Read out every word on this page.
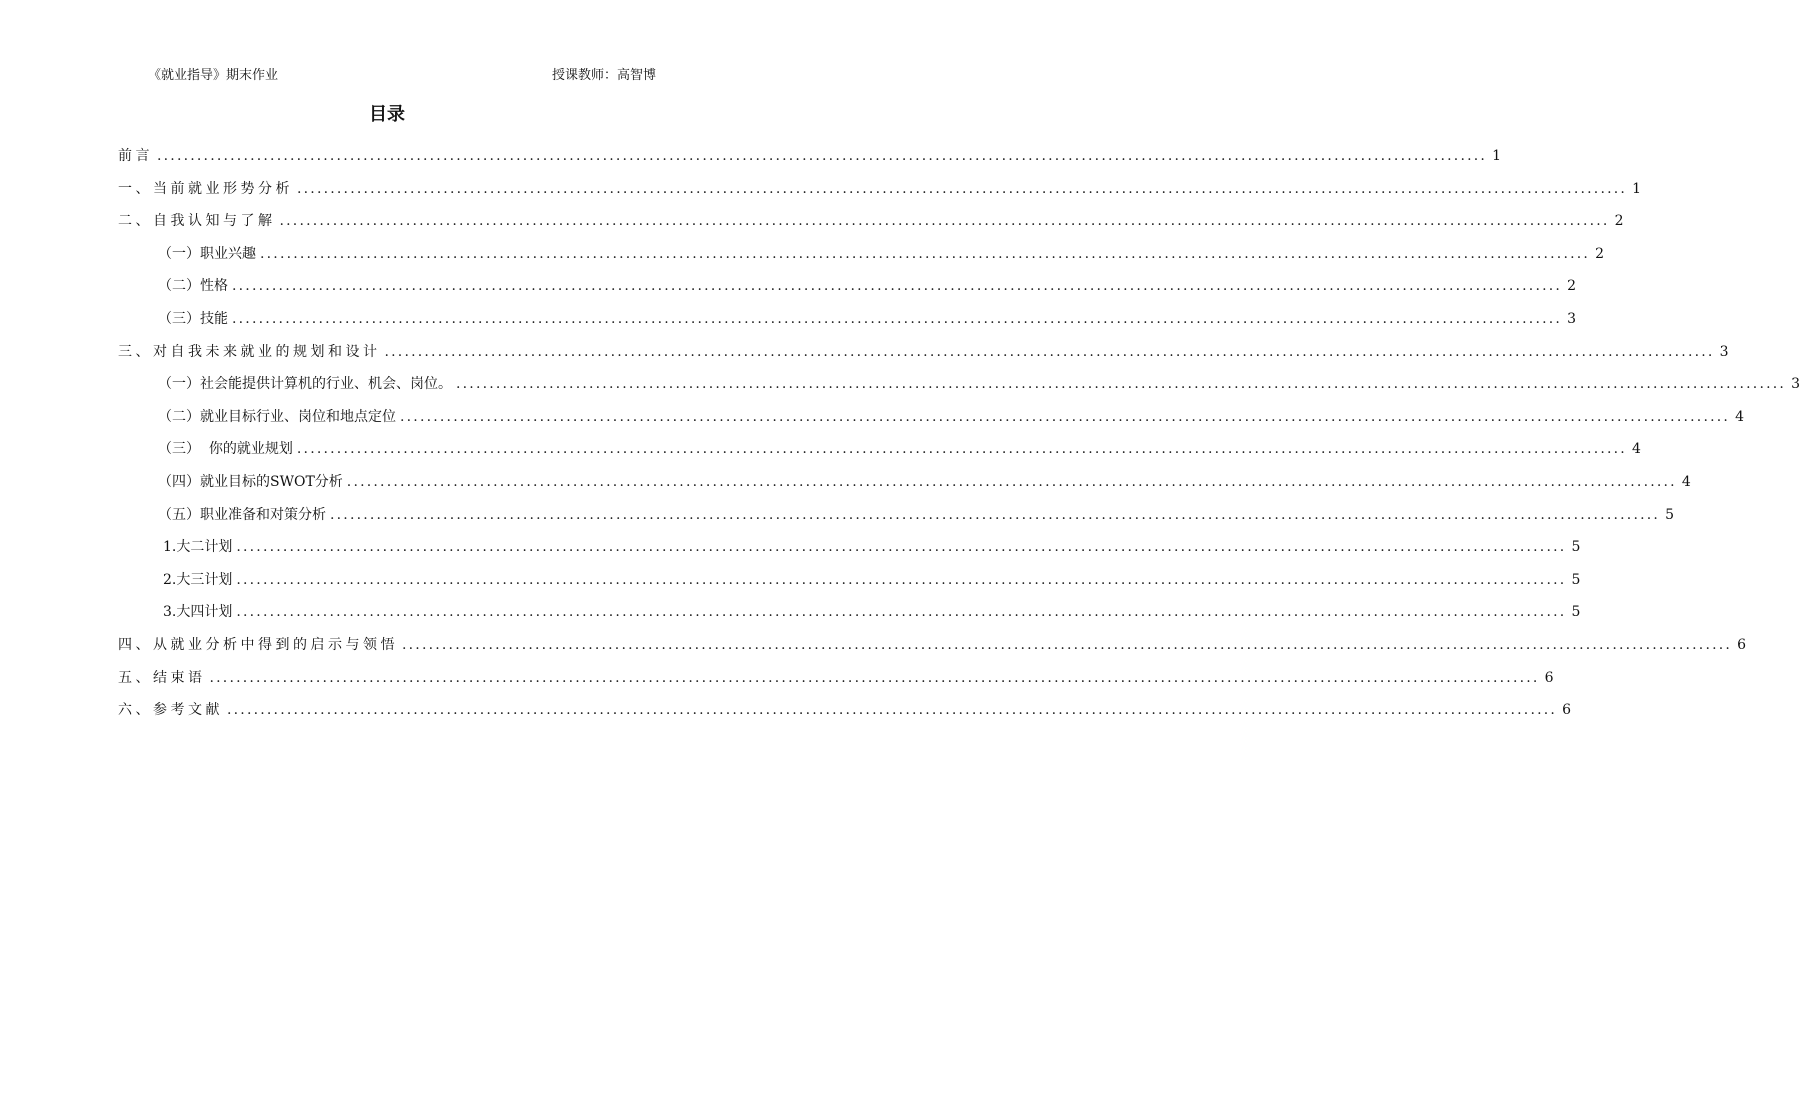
《就业指导》期末作业	授课教师：高智博
目录
前言 ........................................................................................................................................................................................................ 1
一、当前就业形势分析 ........................................................................................................................................................................................................ 1
二、自我认知与了解 ........................................................................................................................................................................................................ 2
（一）职业兴趣 ........................................................................................................................................................................................................ 2
（二）性格 ........................................................................................................................................................................................................ 2
（三）技能 ........................................................................................................................................................................................................ 3
三、对自我未来就业的规划和设计 ........................................................................................................................................................................................................ 3
（一）社会能提供计算机的行业、机会、岗位。 ........................................................................................................................................................................................................ 3
（二）就业目标行业、岗位和地点定位 ........................................................................................................................................................................................................ 4
（三）  你的就业规划 ........................................................................................................................................................................................................ 4
（四）就业目标的SWOT分析 ........................................................................................................................................................................................................ 4
（五）职业准备和对策分析 ........................................................................................................................................................................................................ 5
1.大二计划 ........................................................................................................................................................................................................ 5
2.大三计划 ........................................................................................................................................................................................................ 5
3.大四计划 ........................................................................................................................................................................................................ 5
四、从就业分析中得到的启示与领悟 ........................................................................................................................................................................................................ 6
五、结束语 ........................................................................................................................................................................................................ 6
六、参考文献 ........................................................................................................................................................................................................ 6
